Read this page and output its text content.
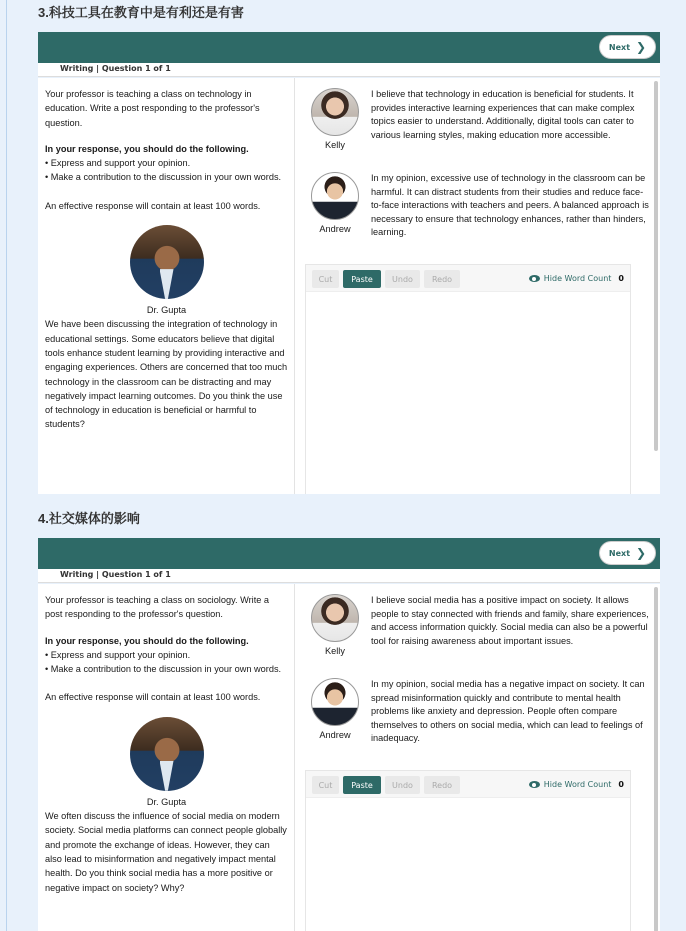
3.科技工具在教育中是有利还是有害
Next ❯
Writing | Question 1 of 1

Your professor is teaching a class on technology in education. Write a post responding to the professor's question.

In your response, you should do the following.

• Express and support your opinion.
• Make a contribution to the discussion in your own words.

An effective response will contain at least 100 words.

Dr. Gupta
We have been discussing the integration of technology in educational settings. Some educators believe that digital tools enhance student learning by providing interactive and engaging experiences. Others are concerned that too much technology in the classroom can be distracting and may negatively impact learning outcomes. Do you think the use of technology in education is beneficial or harmful to students?
Kelly
I believe that technology in education is beneficial for students. It provides interactive learning experiences that can make complex topics easier to understand. Additionally, digital tools can cater to various learning styles, making education more accessible.
Andrew
In my opinion, excessive use of technology in the classroom can be harmful. It can distract students from their studies and reduce face-to-face interactions with teachers and peers. A balanced approach is necessary to ensure that technology enhances, rather than hinders, learning.
Cut	Paste	Undo	Redo	Hide Word Count 0
4.社交媒体的影响
Next ❯
Writing | Question 1 of 1

Your professor is teaching a class on sociology. Write a post responding to the professor's question.

In your response, you should do the following.

• Express and support your opinion.
• Make a contribution to the discussion in your own words.

An effective response will contain at least 100 words.

Dr. Gupta
We often discuss the influence of social media on modern society. Social media platforms can connect people globally and promote the exchange of ideas. However, they can also lead to misinformation and negatively impact mental health. Do you think social media has a more positive or negative impact on society? Why?
Kelly
I believe social media has a positive impact on society. It allows people to stay connected with friends and family, share experiences, and access information quickly. Social media can also be a powerful tool for raising awareness about important issues.
Andrew
In my opinion, social media has a negative impact on society. It can spread misinformation quickly and contribute to mental health problems like anxiety and depression. People often compare themselves to others on social media, which can lead to feelings of inadequacy.
Cut	Paste	Undo	Redo	Hide Word Count 0
